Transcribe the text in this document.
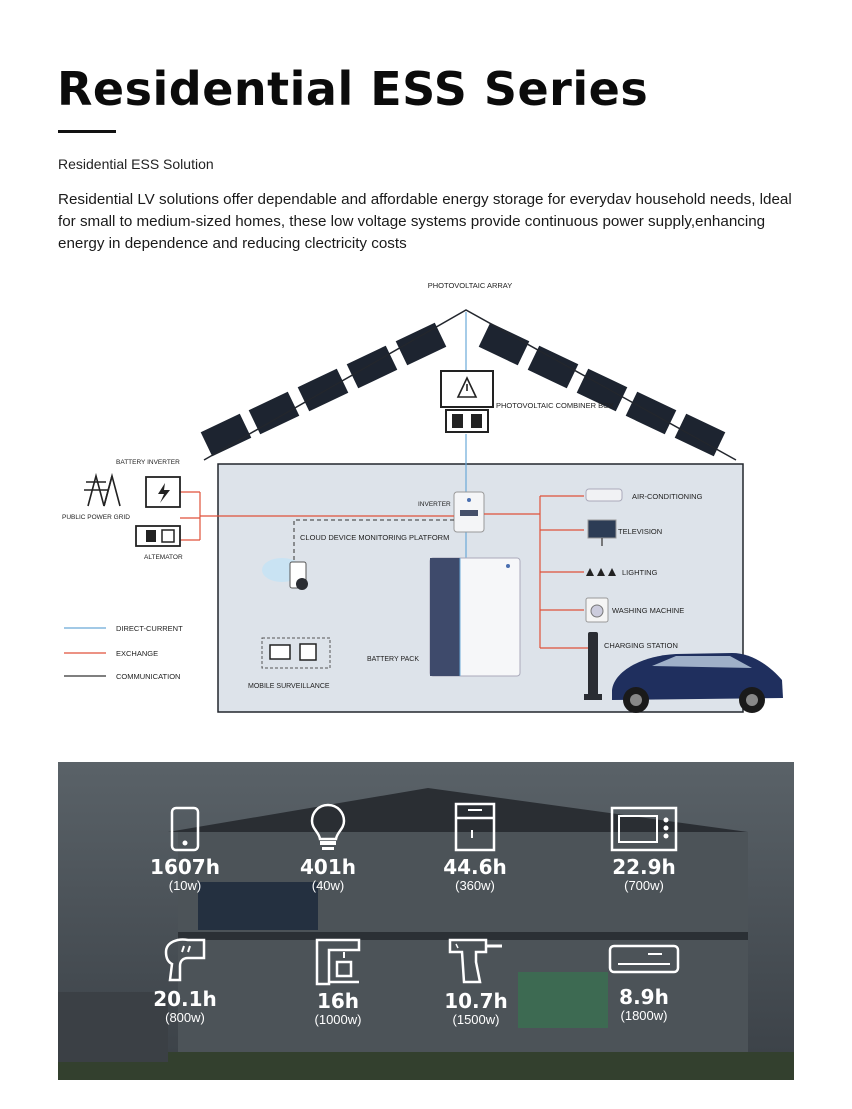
Residential ESS Series
Residential ESS Solution

Residential LV solutions offer dependable and affordable energy storage for everydav household needs, ldeal for small to medium-sized homes, these low voltage systems provide continuous power supply,enhancing energy in dependence and reducing clectricity costs

DIRECT-CURRENT
EXCHANGE
COMMUNICATION
PHOTOVOLTAIC ARRAY
PHOTOVOLTAIC COMBINER BOX
BATTERY INVERTER
PUBLIC POWER GRID
ALTEMATOR
INVERTER
CLOUD DEVICE MONITORING PLATFORM
MOBILE SURVEILLANCE
BATTERY PACK
AIR-CONDITIONING
TELEVISION
LIGHTING
WASHING MACHINE
CHARGING STATION
1607h
(10w)
401h
(40w)
44.6h
(360w)
22.9h
(700w)
20.1h
(800w)
16h
(1000w)
10.7h
(1500w)
8.9h
(1800w)
